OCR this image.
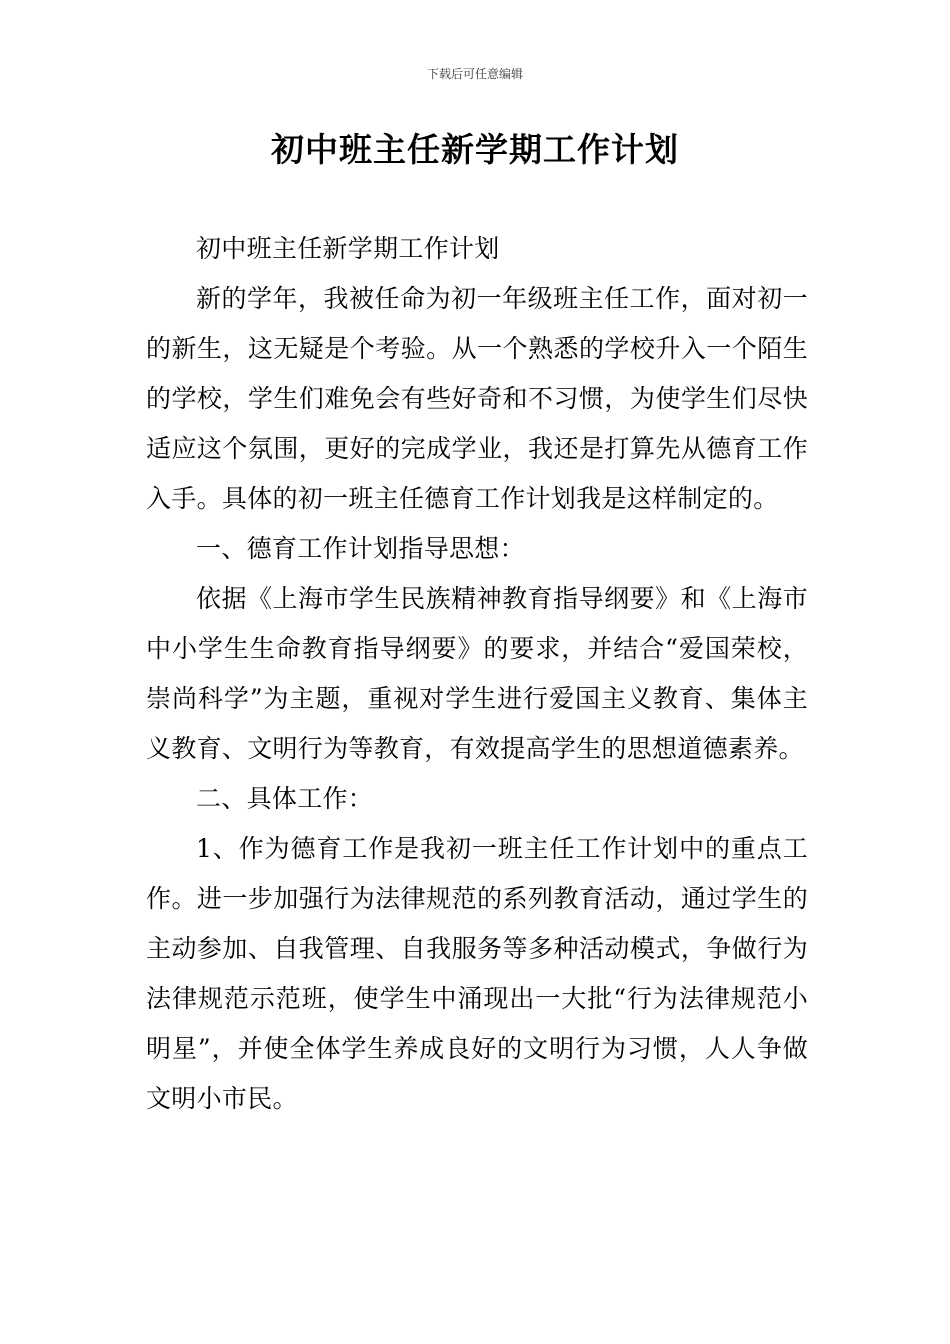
下载后可任意编辑
初中班主任新学期工作计划

初中班主任新学期工作计划

新的学年，我被任命为初一年级班主任工作，面对初一的新生，这无疑是个考验。从一个熟悉的学校升入一个陌生的学校，学生们难免会有些好奇和不习惯，为使学生们尽快适应这个氛围，更好的完成学业，我还是打算先从德育工作入手。具体的初一班主任德育工作计划我是这样制定的。

一、德育工作计划指导思想：

依据《上海市学生民族精神教育指导纲要》和《上海市中小学生生命教育指导纲要》的要求，并结合“爱国荣校，崇尚科学”为主题，重视对学生进行爱国主义教育、集体主义教育、文明行为等教育，有效提高学生的思想道德素养。

二、具体工作：

1、作为德育工作是我初一班主任工作计划中的重点工作。进一步加强行为法律规范的系列教育活动，通过学生的主动参加、自我管理、自我服务等多种活动模式，争做行为法律规范示范班，使学生中涌现出一大批“行为法律规范小明星”，并使全体学生养成良好的文明行为习惯，人人争做文明小市民。
